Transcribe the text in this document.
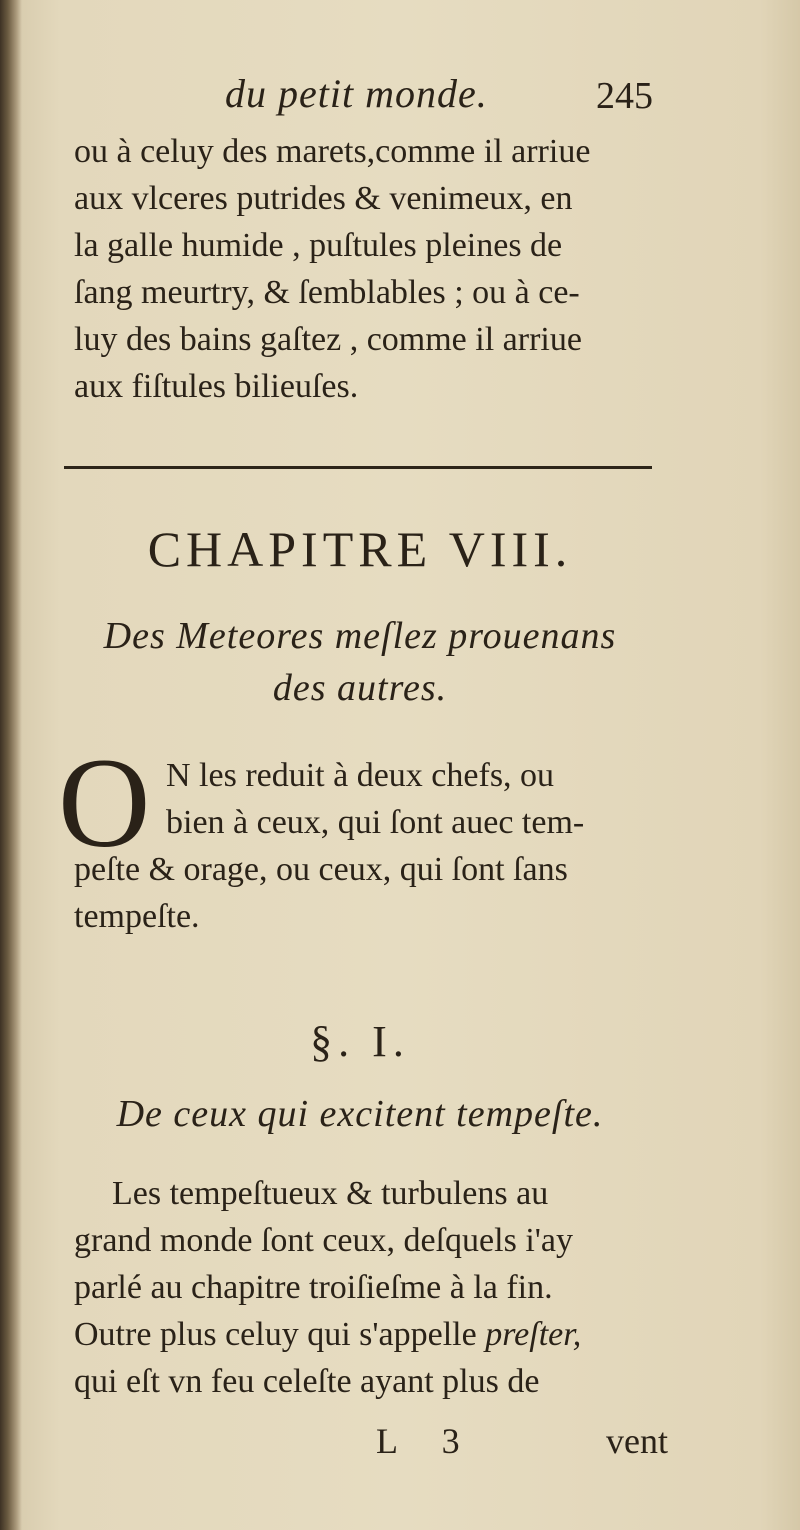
du petit monde.	245
ou à celuy des marets,comme il arriue
aux vlceres putrides & venimeux, en
la galle humide , puſtules pleines de
ſang meurtry, & ſemblables ; ou à ce-
luy des bains gaſtez , comme il arriue
aux fiſtules bilieuſes.
CHAPITRE VIII.
Des Meteores meſlez prouenans
des autres.
O N les reduit à deux chefs, ou
bien à ceux, qui ſont auec tem-
peſte & orage, ou ceux, qui ſont ſans
tempeſte.
§. I.
De ceux qui excitent tempeſte.
Les tempeſtueux & turbulens au
grand monde ſont ceux, deſquels i'ay
parlé au chapitre troiſieſme à la fin.
Outre plus celuy qui s'appelle preſter,
qui eſt vn feu celeſte ayant plus de
L 3	vent
